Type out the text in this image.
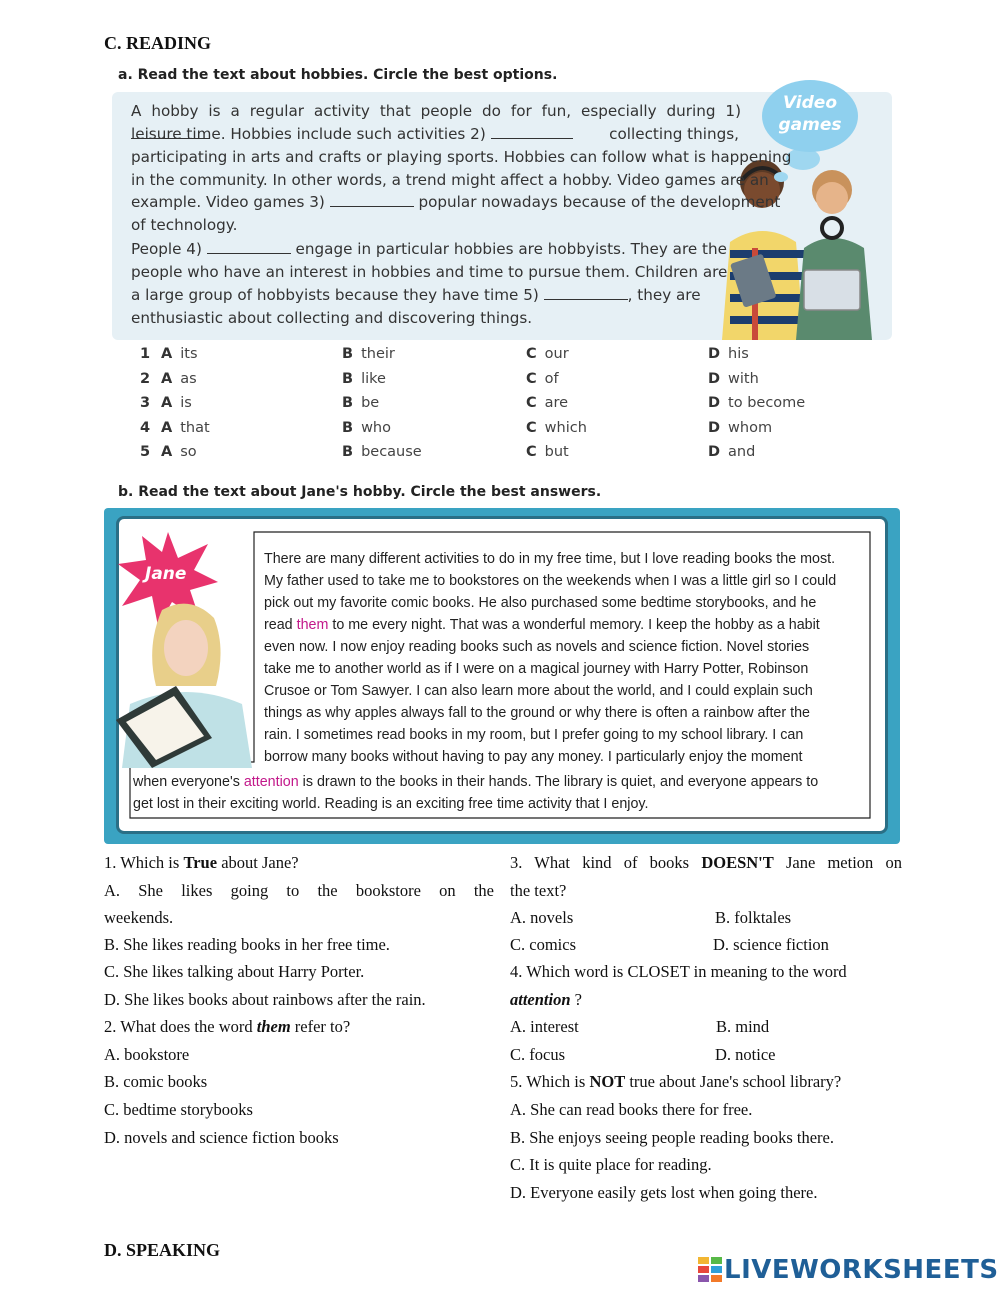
C. READING
a. Read the text about hobbies. Circle the best options.
Video games
A hobby is a regular activity that people do for fun, especially during 1)
leisure time. Hobbies include such activities 2)	collecting things,
participating in arts and crafts or playing sports. Hobbies can follow what is happening
in the community. In other words, a trend might affect a hobby. Video games are an
example. Video games 3)	popular nowadays because of the development
of technology.
People 4)	engage in particular hobbies are hobbyists. They are the
people who have an interest in hobbies and time to pursue them. Children are
a large group of hobbyists because they have time 5)	, they are
enthusiastic about collecting and discovering things.
1 A its	B their	C our	D his
2 A as	B like	C of	D with
3 A is	B be	C are	D to become
4 A that	B who	C which	D whom
5 A so	B because	C but	D and
b. Read the text about Jane's hobby. Circle the best answers.
Jane
There are many different activities to do in my free time, but I love reading books the most.
My father used to take me to bookstores on the weekends when I was a little girl so I could
pick out my favorite comic books. He also purchased some bedtime storybooks, and he
read them to me every night. That was a wonderful memory. I keep the hobby as a habit
even now. I now enjoy reading books such as novels and science fiction. Novel stories
take me to another world as if I were on a magical journey with Harry Potter, Robinson
Crusoe or Tom Sawyer. I can also learn more about the world, and I could explain such
things as why apples always fall to the ground or why there is often a rainbow after the
rain. I sometimes read books in my room, but I prefer going to my school library. I can
borrow many books without having to pay any money. I particularly enjoy the moment
when everyone's attention is drawn to the books in their hands. The library is quiet, and everyone appears to
get lost in their exciting world. Reading is an exciting free time activity that I enjoy.
1. Which is True about Jane?
A. She likes going to the bookstore on the
weekends.
B. She likes reading books in her free time.
C. She likes talking about Harry Porter.
D. She likes books about rainbows after the rain.
2. What does the word them refer to?
A. bookstore
B. comic books
C. bedtime storybooks
D. novels and science fiction books
3. What kind of books DOESN'T Jane metion on
the text?
A. novels	B. folktales
C. comics	D. science fiction
4. Which word is CLOSET in meaning to the word
attention ?
A. interest	B. mind
C. focus	D. notice
5. Which is NOT true about Jane's school library?
A. She can read books there for free.
B. She enjoys seeing people reading books there.
C. It is quite place for reading.
D. Everyone easily gets lost when going there.
D. SPEAKING
LIVEWORKSHEETS
